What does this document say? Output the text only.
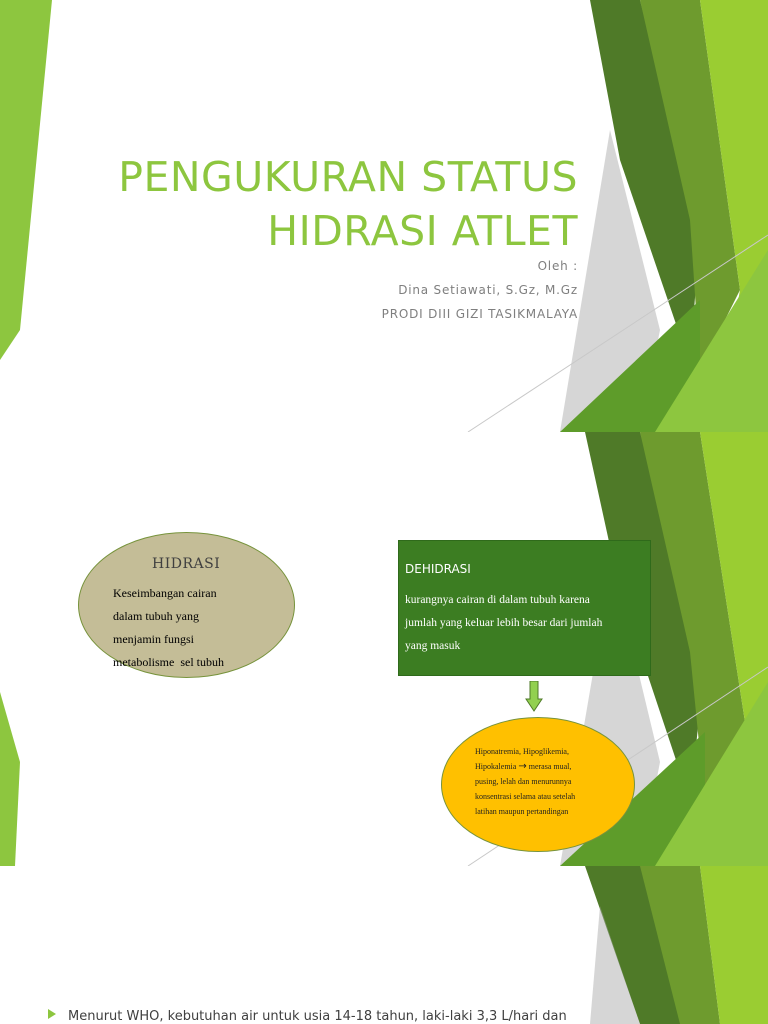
PENGUKURAN STATUS
HIDRASI ATLET

Oleh :

Dina Setiawati, S.Gz, M.Gz

PRODI DIII GIZI TASIKMALAYA

HIDRASI

Keseimbangan cairan
dalam tubuh yang
menjamin fungsi
metabolisme  sel tubuh

DEHIDRASI

kurangnya cairan di dalam tubuh karena
jumlah yang keluar lebih besar dari jumlah
yang masuk

Hiponatremia, Hipoglikemia,
Hipokalemia → merasa mual,
pusing, lelah dan menurunnya
konsentrasi selama atau setelah
latihan maupun pertandingan

Menurut WHO, kebutuhan air untuk usia 14-18 tahun, laki-laki 3,3 L/hari dan
